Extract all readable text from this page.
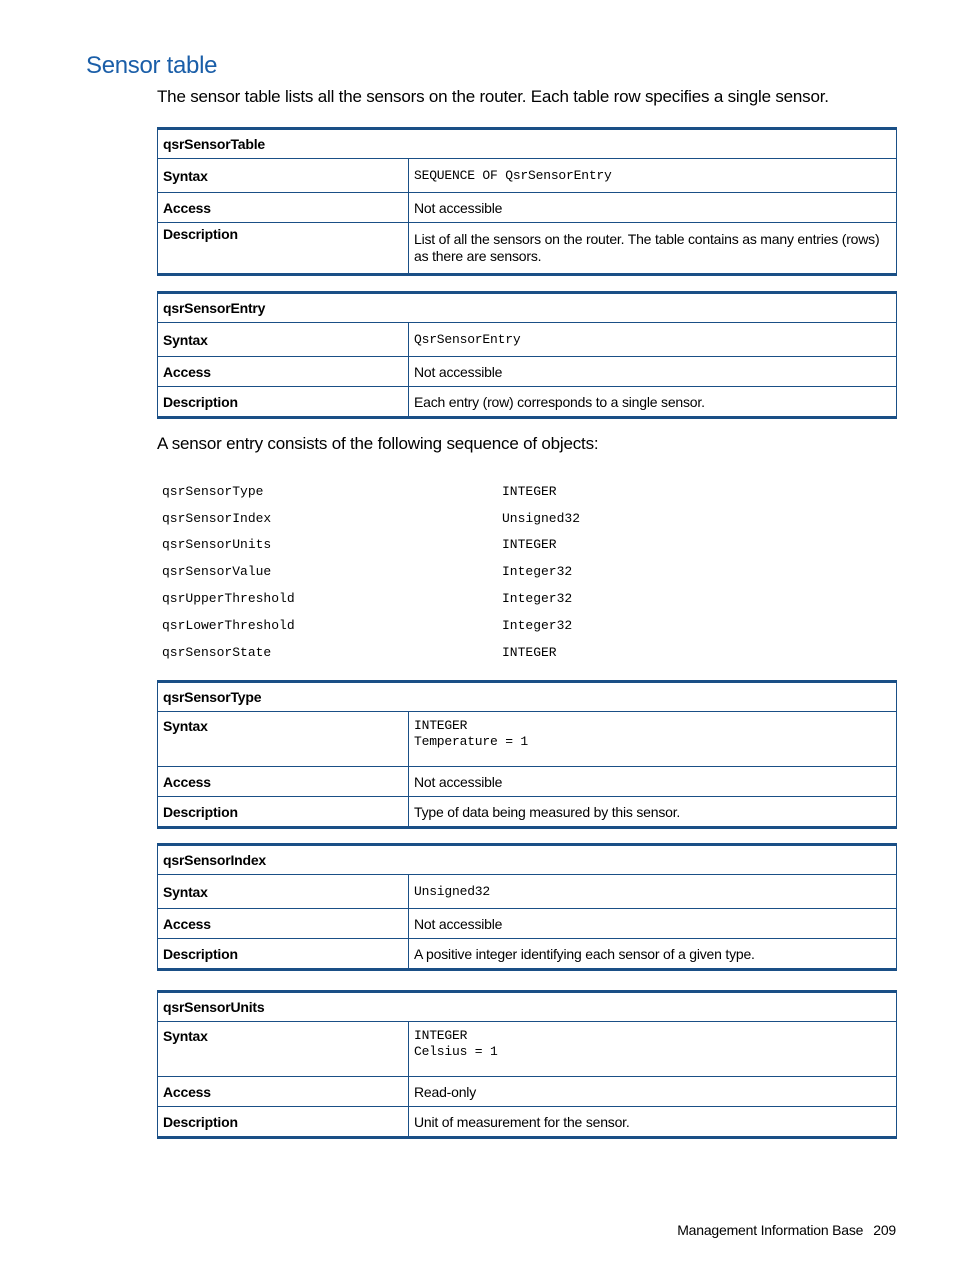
Sensor table

The sensor table lists all the sensors on the router. Each table row specifies a single sensor.

qsrSensorTable	
Syntax	SEQUENCE OF QsrSensorEntry

Access	Not accessible
Description	List of all the sensors on the router. The table contains as many entries (rows) as there are sensors.
qsrSensorEntry	
Syntax	QsrSensorEntry

Access	Not accessible
Description	Each entry (row) corresponds to a single sensor.

A sensor entry consists of the following sequence of objects:

qsrSensorType	INTEGER
qsrSensorIndex	Unsigned32
qsrSensorUnits	INTEGER
qsrSensorValue	Integer32
qsrUpperThreshold	Integer32
qsrLowerThreshold	Integer32
qsrSensorState	INTEGER
qsrSensorType	
Syntax	INTEGER
Temperature = 1

Access	Not accessible
Description	Type of data being measured by this sensor.
qsrSensorIndex	
Syntax	Unsigned32

Access	Not accessible
Description	A positive integer identifying each sensor of a given type.
qsrSensorUnits	
Syntax	INTEGER
Celsius = 1

Access	Read-only
Description	Unit of measurement for the sensor.
Management Information Base 209
